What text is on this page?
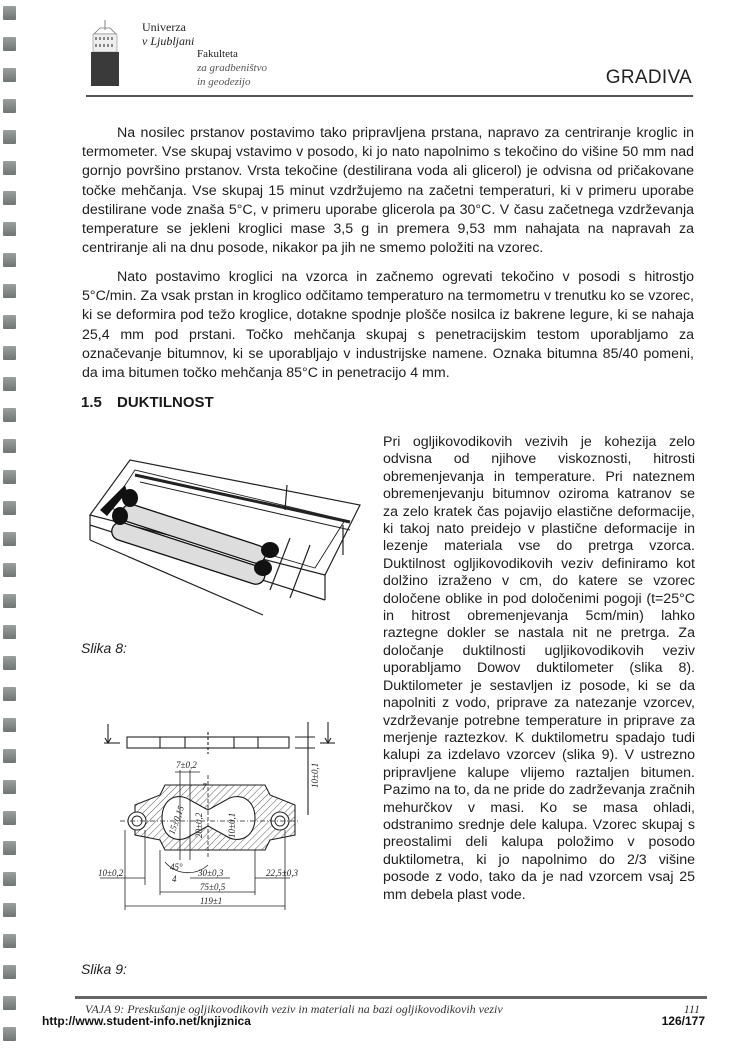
Univerza
v Ljubljani
Fakulteta
za gradbeništvo
in geodezijo	GRADIVA
Na nosilec prstanov postavimo tako pripravljena prstana, napravo za centriranje kroglic in termometer. Vse skupaj vstavimo v posodo, ki jo nato napolnimo s tekočino do višine 50 mm nad gornjo površino prstanov. Vrsta tekočine (destilirana voda ali glicerol) je odvisna od pričakovane točke mehčanja. Vse skupaj 15 minut vzdržujemo na začetni temperaturi, ki v primeru uporabe destilirane vode znaša 5°C, v primeru uporabe glicerola pa 30°C. V času začetnega vzdrževanja temperature se jekleni kroglici mase 3,5 g in premera 9,53 mm nahajata na napravah za centriranje ali na dnu posode, nikakor pa jih ne smemo položiti na vzorec.
Nato postavimo kroglici na vzorca in začnemo ogrevati tekočino v posodi s hitrostjo 5°C/min. Za vsak prstan in kroglico odčitamo temperaturo na termometru v trenutku ko se vzorec, ki se deformira pod težo kroglice, dotakne spodnje plošče nosilca iz bakrene legure, ki se nahaja 25,4 mm pod prstani. Točko mehčanja skupaj s penetracijskim testom uporabljamo za označevanje bitumnov, ki se uporabljajo v industrijske namene. Oznaka bitumna 85/40 pomeni, da ima bitumen točko mehčanja 85°C in penetracijo 4 mm.
1.5 DUKTILNOST
Slika 8:
7±0,2
7	10±0,1
15±0,15 20±0,2	10±0,1
45°
4
10±0,2	30±0,3	22,5±0,3
75±0,5
119±1
Slika 9:
Pri ogljikovodikovih vezivih je kohezija zelo odvisna od njihove viskoznosti, hitrosti obremenjevanja in temperature. Pri nateznem obremenjevanju bitumnov oziroma katranov se za zelo kratek čas pojavijo elastične deformacije, ki takoj nato preidejo v plastične deformacije in lezenje materiala vse do pretrga vzorca. Duktilnost ogljikovodikovih veziv definiramo kot dolžino izraženo v cm, do katere se vzorec določene oblike in pod določenimi pogoji (t=25°C in hitrost obremenjevanja 5cm/min) lahko raztegne dokler se nastala nit ne pretrga. Za določanje duktilnosti ugljikovodikovih veziv uporabljamo Dowov duktilometer (slika 8). Duktilometer je sestavljen iz posode, ki se da napolniti z vodo, priprave za natezanje vzorcev, vzdrževanje potrebne temperature in priprave za merjenje raztezkov. K duktilometru spadajo tudi kalupi za izdelavo vzorcev (slika 9). V ustrezno pripravljene kalupe vlijemo raztaljen bitumen. Pazimo na to, da ne pride do zadrževanja zračnih mehurčkov v masi. Ko se masa ohladi, odstranimo srednje dele kalupa. Vzorec skupaj s preostalimi deli kalupa položimo v posodo duktilometra, ki jo napolnimo do 2/3 višine posode z vodo, tako da je nad vzorcem vsaj 25 mm debela plast vode.
VAJA 9: Preskušanje ogljikovodikovih veziv in materiali na bazi ogljikovodikovih veziv	111
http://www.student-info.net/knjiznica	126/177
